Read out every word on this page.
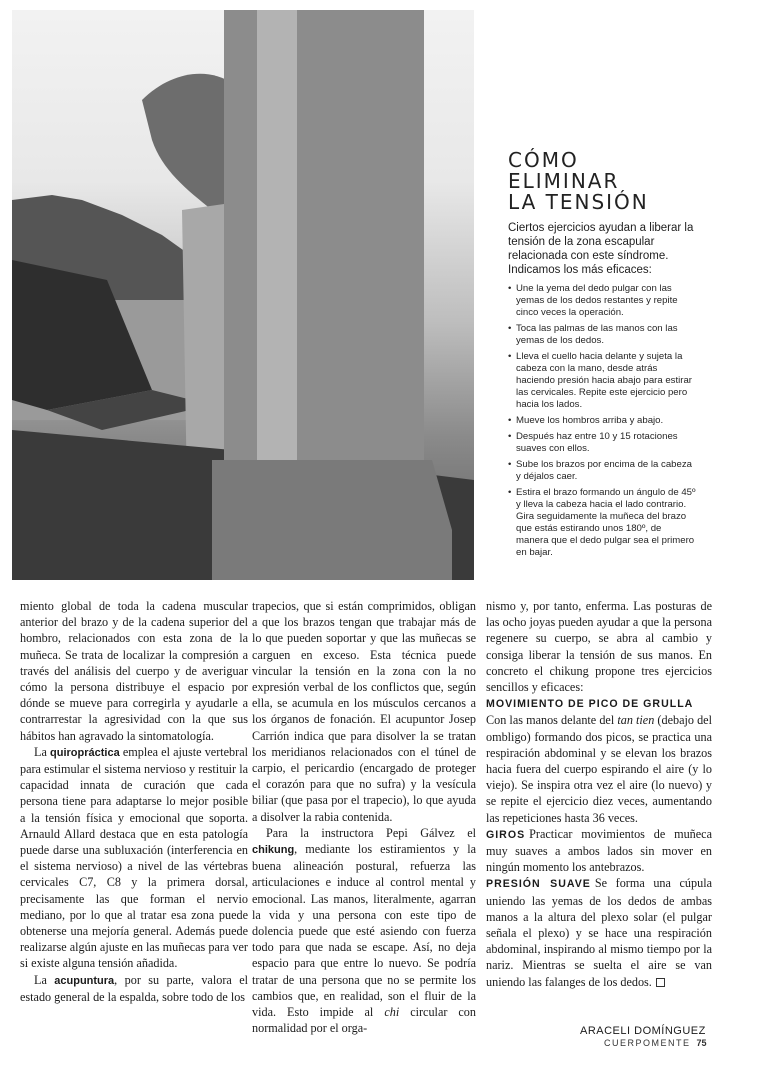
CÓMO ELIMINAR
LA TENSIÓN

Ciertos ejercicios ayudan a liberar la tensión de la zona escapular relacionada con este síndrome. Indicamos los más eficaces:

• Une la yema del dedo pulgar con las yemas de los dedos restantes y repite cinco veces la operación.
• Toca las palmas de las manos con las yemas de los dedos.
• Lleva el cuello hacia delante y sujeta la cabeza con la mano, desde atrás haciendo presión hacia abajo para estirar las cervicales. Repite este ejercicio pero hacia los lados.
• Mueve los hombros arriba y abajo.
• Después haz entre 10 y 15 rotaciones suaves con ellos.
• Sube los brazos por encima de la cabeza y déjalos caer.
• Estira el brazo formando un ángulo de 45º y lleva la cabeza hacia el lado contrario. Gira seguidamente la muñeca del brazo que estás estirando unos 180º, de manera que el dedo pulgar sea el primero en bajar.

miento global de toda la cadena muscular anterior del brazo y de la cadena superior del hombro, relacionados con esta zona de la muñeca. Se trata de localizar la compresión a través del análisis del cuerpo y de averiguar cómo la persona distribuye el espacio por dónde se mueve para corregirla y ayudarle a contrarrestar la agresividad con la que sus hábitos han agravado la sintomatología.

La quiropráctica emplea el ajuste vertebral para estimular el sistema nervioso y restituir la capacidad innata de curación que cada persona tiene para adaptarse lo mejor posible a la tensión física y emocional que soporta. Arnauld Allard destaca que en esta patología puede darse una subluxación (interferencia en el sistema nervioso) a nivel de las vértebras cervicales C7, C8 y la primera dorsal, precisamente las que forman el nervio mediano, por lo que al tratar esa zona puede obtenerse una mejoría general. Además puede realizarse algún ajuste en las muñecas para ver si existe alguna tensión añadida.

La acupuntura, por su parte, valora el estado general de la espalda, sobre todo de los

trapecios, que si están comprimidos, obligan a que los brazos tengan que trabajar más de lo que pueden soportar y que las muñecas se carguen en exceso. Esta técnica puede vincular la tensión en la zona con la no expresión verbal de los conflictos que, según ella, se acumula en los músculos cercanos a los órganos de fonación. El acupuntor Josep Carrión indica que para disolver la se tratan los meridianos relacionados con el túnel de carpio, el pericardio (encargado de proteger el corazón para que no sufra) y la vesícula biliar (que pasa por el trapecio), lo que ayuda a disolver la rabia contenida.

Para la instructora Pepi Gálvez el chikung, mediante los estiramientos y la buena alineación postural, refuerza las articulaciones e induce al control mental y emocional. Las manos, literalmente, agarran la vida y una persona con este tipo de dolencia puede que esté asiendo con fuerza todo para que nada se escape. Así, no deja espacio para que entre lo nuevo. Se podría tratar de una persona que no se permite los cambios que, en realidad, son el fluir de la vida. Esto impide al chi circular con normalidad por el orga-

nismo y, por tanto, enferma. Las posturas de las ocho joyas pueden ayudar a que la persona regenere su cuerpo, se abra al cambio y consiga liberar la tensión de sus manos. En concreto el chikung propone tres ejercicios sencillos y eficaces:

MOVIMIENTO DE PICO DE GRULLA

Con las manos delante del tan tien (debajo del ombligo) formando dos picos, se practica una respiración abdominal y se elevan los brazos hacia fuera del cuerpo espirando el aire (y lo viejo). Se inspira otra vez el aire (lo nuevo) y se repite el ejercicio diez veces, aumentando las repeticiones hasta 36 veces.

GIROS Practicar movimientos de muñeca muy suaves a ambos lados sin mover en ningún momento los antebrazos.

PRESIÓN SUAVE Se forma una cúpula uniendo las yemas de los dedos de ambas manos a la altura del plexo solar (el pulgar señala el plexo) y se hace una respiración abdominal, inspirando al mismo tiempo por la nariz. Mientras se suelta el aire se van uniendo las falanges de los dedos.

ARACELI DOMÍNGUEZ
CUERPOMENTE 75
